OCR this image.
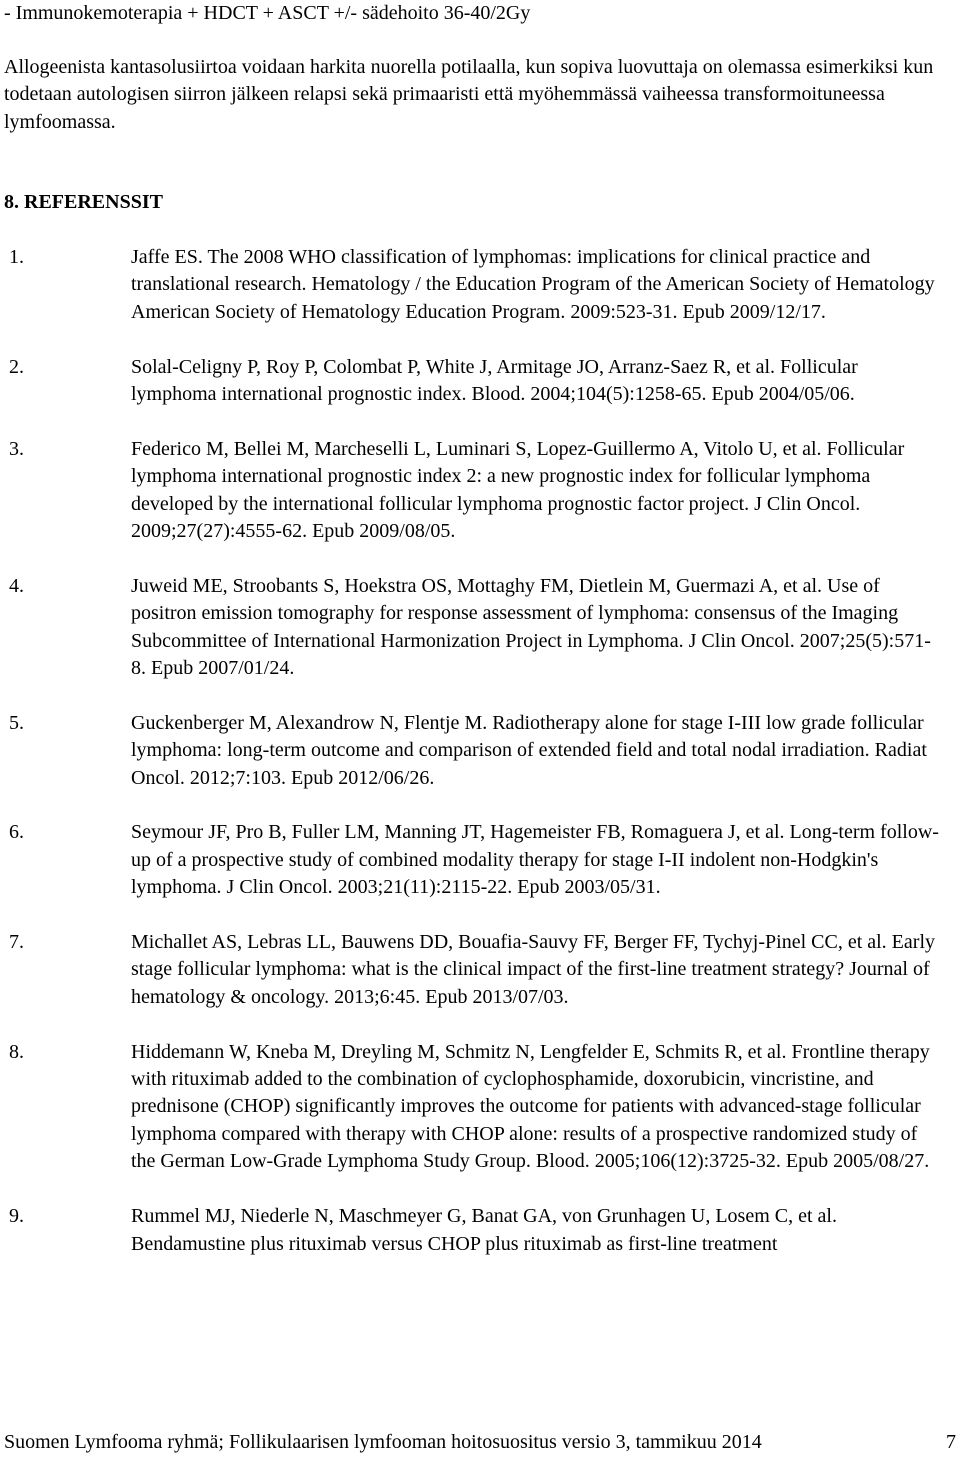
- Immunokemoterapia + HDCT + ASCT +/- sädehoito 36-40/2Gy
Allogeenista kantasolusiirtoa voidaan harkita nuorella potilaalla, kun sopiva luovuttaja on olemassa esimerkiksi kun todetaan autologisen siirron jälkeen relapsi sekä primaaristi että myöhemmässä vaiheessa transformoituneessa lymfoomassa.
8. REFERENSSIT
1.	Jaffe ES. The 2008 WHO classification of lymphomas: implications for clinical practice and translational research. Hematology / the Education Program of the American Society of Hematology American Society of Hematology Education Program. 2009:523-31. Epub 2009/12/17.
2.	Solal-Celigny P, Roy P, Colombat P, White J, Armitage JO, Arranz-Saez R, et al. Follicular lymphoma international prognostic index. Blood. 2004;104(5):1258-65. Epub 2004/05/06.
3.	Federico M, Bellei M, Marcheselli L, Luminari S, Lopez-Guillermo A, Vitolo U, et al. Follicular lymphoma international prognostic index 2: a new prognostic index for follicular lymphoma developed by the international follicular lymphoma prognostic factor project. J Clin Oncol. 2009;27(27):4555-62. Epub 2009/08/05.
4.	Juweid ME, Stroobants S, Hoekstra OS, Mottaghy FM, Dietlein M, Guermazi A, et al. Use of positron emission tomography for response assessment of lymphoma: consensus of the Imaging Subcommittee of International Harmonization Project in Lymphoma. J Clin Oncol. 2007;25(5):571-8. Epub 2007/01/24.
5.	Guckenberger M, Alexandrow N, Flentje M. Radiotherapy alone for stage I-III low grade follicular lymphoma: long-term outcome and comparison of extended field and total nodal irradiation. Radiat Oncol. 2012;7:103. Epub 2012/06/26.
6.	Seymour JF, Pro B, Fuller LM, Manning JT, Hagemeister FB, Romaguera J, et al. Long-term follow-up of a prospective study of combined modality therapy for stage I-II indolent non-Hodgkin's lymphoma. J Clin Oncol. 2003;21(11):2115-22. Epub 2003/05/31.
7.	Michallet AS, Lebras LL, Bauwens DD, Bouafia-Sauvy FF, Berger FF, Tychyj-Pinel CC, et al. Early stage follicular lymphoma: what is the clinical impact of the first-line treatment strategy? Journal of hematology & oncology. 2013;6:45. Epub 2013/07/03.
8.	Hiddemann W, Kneba M, Dreyling M, Schmitz N, Lengfelder E, Schmits R, et al. Frontline therapy with rituximab added to the combination of cyclophosphamide, doxorubicin, vincristine, and prednisone (CHOP) significantly improves the outcome for patients with advanced-stage follicular lymphoma compared with therapy with CHOP alone: results of a prospective randomized study of the German Low-Grade Lymphoma Study Group. Blood. 2005;106(12):3725-32. Epub 2005/08/27.
9.	Rummel MJ, Niederle N, Maschmeyer G, Banat GA, von Grunhagen U, Losem C, et al. Bendamustine plus rituximab versus CHOP plus rituximab as first-line treatment
Suomen Lymfooma ryhmä; Follikulaarisen lymfooman hoitosuositus versio 3, tammikuu 2014	7
